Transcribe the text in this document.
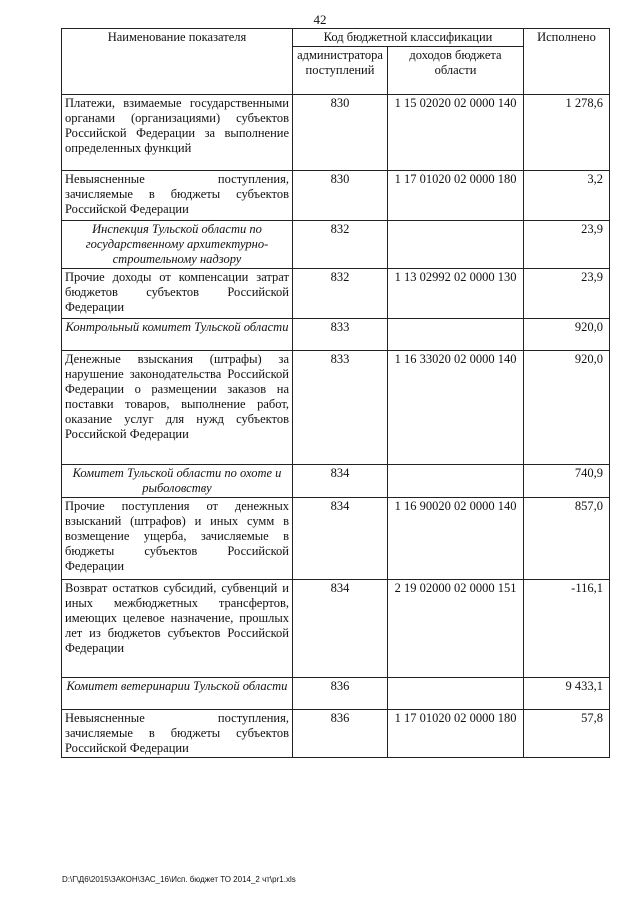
42
Наименование показателя	Код бюджетной классификации		Исполнено
	администратора поступлений	доходов бюджета области	
Платежи, взимаемые государственными органами (организациями) субъектов Российской Федерации за выполнение определенных функций	830	1 15 02020 02 0000 140	1 278,6
Невыясненные поступления, зачисляемые в бюджеты субъектов Российской Федерации	830	1 17 01020 02 0000 180	3,2
Инспекция Тульской области по государственному архитектурно-строительному надзору	832		23,9
Прочие доходы от компенсации затрат бюджетов субъектов Российской Федерации	832	1 13 02992 02 0000 130	23,9
Контрольный комитет Тульской области	833		920,0
Денежные взыскания (штрафы) за нарушение законодательства Российской Федерации о размещении заказов на поставки товаров, выполнение работ, оказание услуг для нужд субъектов Российской Федерации	833	1 16 33020 02 0000 140	920,0
Комитет Тульской области по охоте и рыболовству	834		740,9
Прочие поступления от денежных взысканий (штрафов) и иных сумм в возмещение ущерба, зачисляемые в бюджеты субъектов Российской Федерации	834	1 16 90020 02 0000 140	857,0
Возврат остатков субсидий, субвенций и иных межбюджетных трансфертов, имеющих целевое назначение, прошлых лет из бюджетов субъектов Российской Федерации	834	2 19 02000 02 0000 151	-116,1
Комитет ветеринарии Тульской области	836		9 433,1
Невыясненные поступления, зачисляемые в бюджеты субъектов Российской Федерации	836	1 17 01020 02 0000 180	57,8
D:\Г\Д6\2015\ЗАКОН\ЗАС_16\Исп. бюджет ТО 2014_2 чт\pr1.xls
